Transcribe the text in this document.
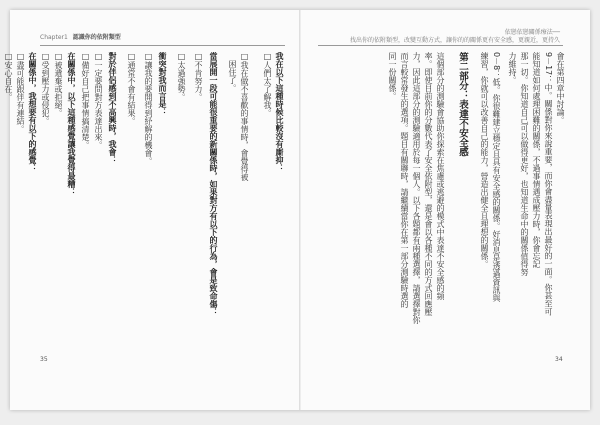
Chapter1 認識你的依附類型
我在以下這種時候比較沒有廝抑：
□人們太了解我。
□我在做不喜歡的事情時，會覺得被
　困住了。
當展開一段可能很重要的新關係時，如果對方有以下的行為，會是致命傷：
□不肯努力。
□太過強勢。
衝突對我而言是：
□讓我的要開得到紓解的機會。
□通常不會有結果。
對於伴侶感到不高興時，我會：
□一定要問對方表達出來。
□備好自己把事情搞清楚。
在關係中，以下這種感覺讓我覺得最糟：
□被遺棄或拒絕。
□受到壓力或侵犯。
在關係中，我想要有以下的感覺：
□盡可能跟伴有連結。
□安心自在。
35
依戀依戀關係療法──
找出你的依附類型，改變互動方式，讓你的的關係更有安全感，更親近，更持久
會在第四章中討論。
9－17：中。關係對你來說重要，而你會盡量表現出最好的一面。你甚至可
能知道如何處理困難的關係，不過事情遇成壓力時，你會忘記
那一切。你知道自己可以做得更好，也知道生命中的關係值得努
力維持。
0－8：低。你很難建立穩定且具有安全感的關係。好消息是透過資訊與
練習，你就可以改善自己的能力，營造出健全且理想的關係。
第二部分：表達不安全感
這個部分的測驗會協助你探索在焦慮或逃避的模式中表達不安全感的頻
率。即使目前你的分數代表了安全依附型，還是會以各種不同的方式回應壓
力，因此這部分的測驗適用於每一個人。以下各題都有兩種選擇，請選擇對你
而言較常發生的選項。題目有關聯時，請繼續當你在第一部分測驗時選的
同一份關係。
34
